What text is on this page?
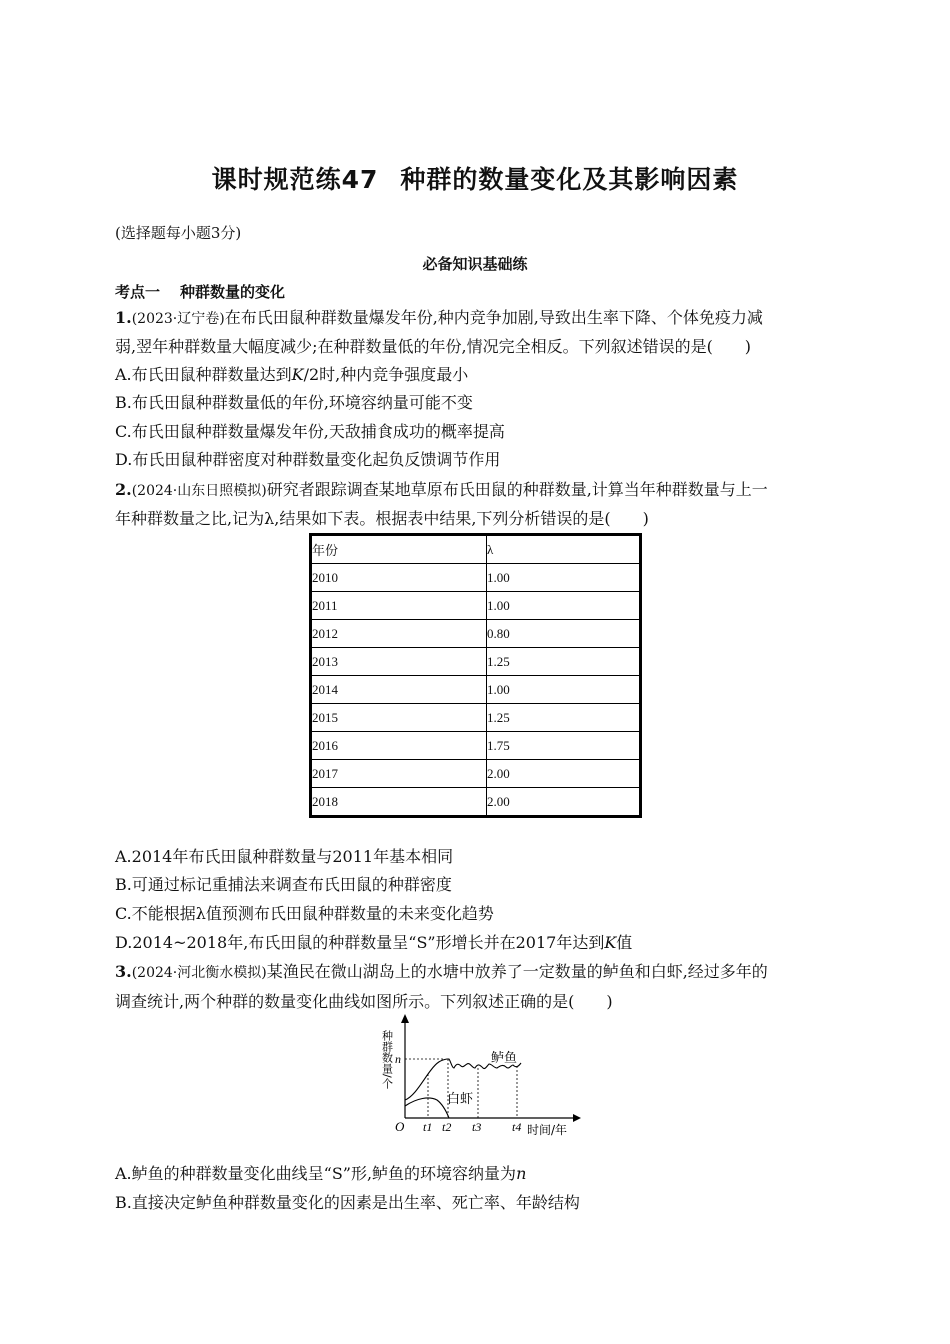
课时规范练47 种群的数量变化及其影响因素
(选择题每小题3分)
必备知识基础练
考点一 种群数量的变化
1.(2023·辽宁卷)在布氏田鼠种群数量爆发年份,种内竞争加剧,导致出生率下降、个体免疫力减
弱,翌年种群数量大幅度减少;在种群数量低的年份,情况完全相反。下列叙述错误的是(　　)
A.布氏田鼠种群数量达到K/2时,种内竞争强度最小
B.布氏田鼠种群数量低的年份,环境容纳量可能不变
C.布氏田鼠种群数量爆发年份,天敌捕食成功的概率提高
D.布氏田鼠种群密度对种群数量变化起负反馈调节作用
2.(2024·山东日照模拟)研究者跟踪调查某地草原布氏田鼠的种群数量,计算当年种群数量与上一
年种群数量之比,记为λ,结果如下表。根据表中结果,下列分析错误的是(　　)
年份	λ
2010	1.00
2011	1.00
2012	0.80
2013	1.25
2014	1.00
2015	1.25
2016	1.75
2017	2.00
2018	2.00
A.2014年布氏田鼠种群数量与2011年基本相同
B.可通过标记重捕法来调查布氏田鼠的种群密度
C.不能根据λ值预测布氏田鼠种群数量的未来变化趋势
D.2014~2018年,布氏田鼠的种群数量呈“S”形增长并在2017年达到K值
3.(2024·河北衡水模拟)某渔民在微山湖岛上的水塘中放养了一定数量的鲈鱼和白虾,经过多年的
调查统计,两个种群的数量变化曲线如图所示。下列叙述正确的是(　　)
种群数量/个 n	鲈鱼
白虾
O t1 t2 t3	t4 时间/年
A.鲈鱼的种群数量变化曲线呈“S”形,鲈鱼的环境容纳量为n
B.直接决定鲈鱼种群数量变化的因素是出生率、死亡率、年龄结构
